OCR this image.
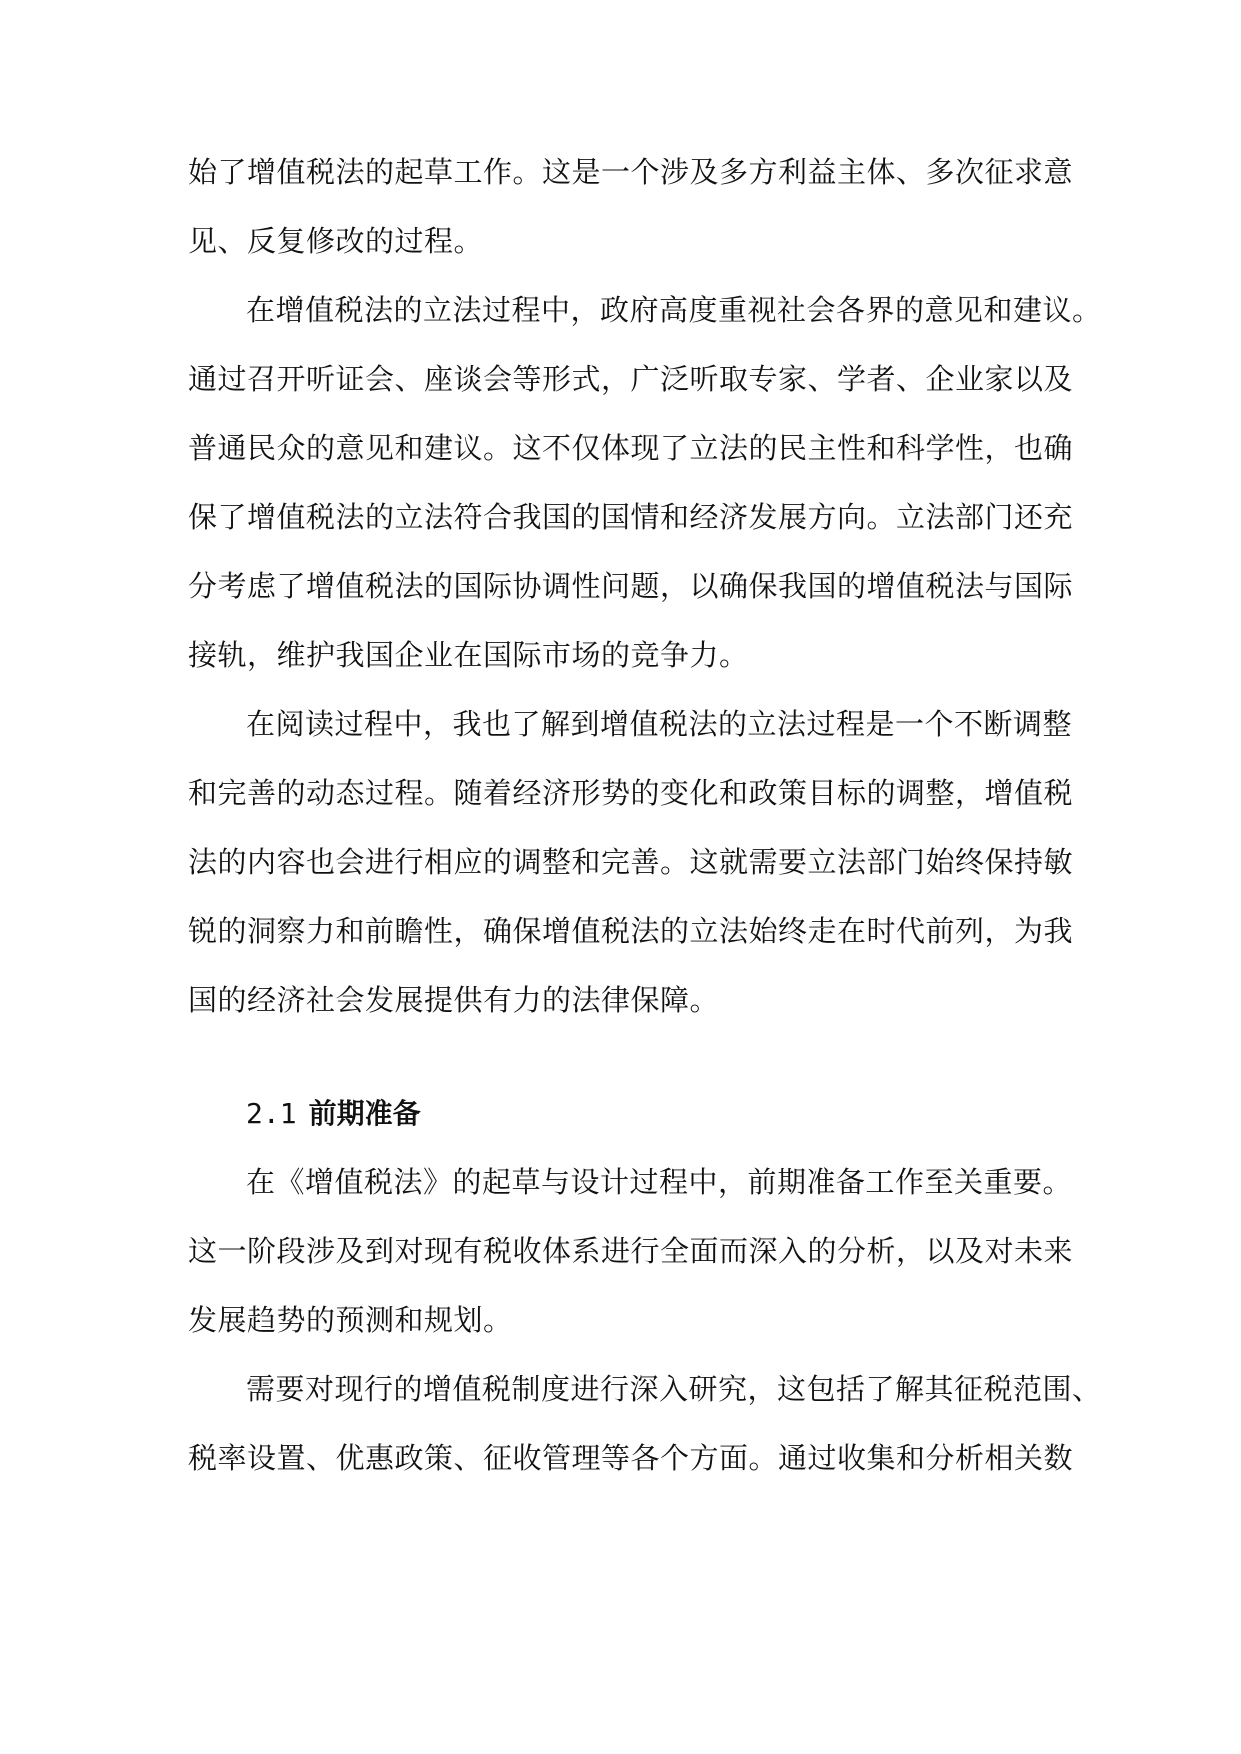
始了增值税法的起草工作。这是一个涉及多方利益主体、多次征求意
见、反复修改的过程。
在增值税法的立法过程中，政府高度重视社会各界的意见和建议。
通过召开听证会、座谈会等形式，广泛听取专家、学者、企业家以及
普通民众的意见和建议。这不仅体现了立法的民主性和科学性，也确
保了增值税法的立法符合我国的国情和经济发展方向。立法部门还充
分考虑了增值税法的国际协调性问题，以确保我国的增值税法与国际
接轨，维护我国企业在国际市场的竞争力。
在阅读过程中，我也了解到增值税法的立法过程是一个不断调整
和完善的动态过程。随着经济形势的变化和政策目标的调整，增值税
法的内容也会进行相应的调整和完善。这就需要立法部门始终保持敏
锐的洞察力和前瞻性，确保增值税法的立法始终走在时代前列，为我
国的经济社会发展提供有力的法律保障。
2.1 前期准备
在《增值税法》的起草与设计过程中，前期准备工作至关重要。
这一阶段涉及到对现有税收体系进行全面而深入的分析，以及对未来
发展趋势的预测和规划。
需要对现行的增值税制度进行深入研究，这包括了解其征税范围、
税率设置、优惠政策、征收管理等各个方面。通过收集和分析相关数
